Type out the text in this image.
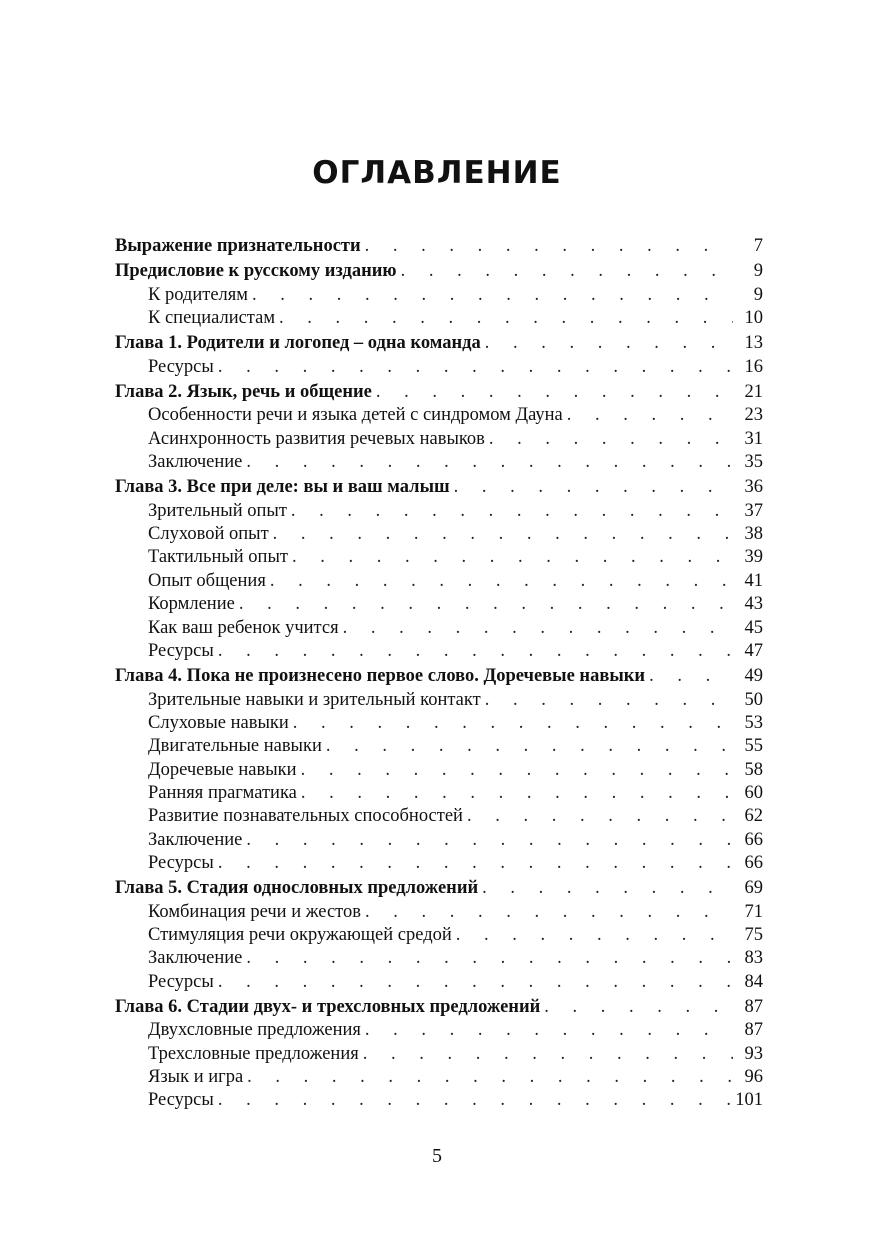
ОГЛАВЛЕНИЕ
Выражение признательности . . .	7
Предисловие к русскому изданию . . .	9
К родителям . . .	9
К специалистам . . .	10
Глава 1. Родители и логопед – одна команда . . .	13
Ресурсы . . .	16
Глава 2. Язык, речь и общение . . .	21
Особенности речи и языка детей с синдромом Дауна . . .	23
Асинхронность развития речевых навыков . . .	31
Заключение . . .	35
Глава 3. Все при деле: вы и ваш малыш . . .	36
Зрительный опыт . . .	37
Слуховой опыт . . .	38
Тактильный опыт . . .	39
Опыт общения . . .	41
Кормление . . .	43
Как ваш ребенок учится . . .	45
Ресурсы . . .	47
Глава 4. Пока не произнесено первое слово. Доречевые навыки . . .	49
Зрительные навыки и зрительный контакт . . .	50
Слуховые навыки . . .	53
Двигательные навыки . . .	55
Доречевые навыки . . .	58
Ранняя прагматика . . .	60
Развитие познавательных способностей . . .	62
Заключение . . .	66
Ресурсы . . .	66
Глава 5. Стадия однословных предложений . . .	69
Комбинация речи и жестов . . .	71
Стимуляция речи окружающей средой . . .	75
Заключение . . .	83
Ресурсы . . .	84
Глава 6. Стадии двух- и трехсловных предложений . . .	87
Двухсловные предложения . . .	87
Трехсловные предложения . . .	93
Язык и игра . . .	96
Ресурсы . . .	101
5
